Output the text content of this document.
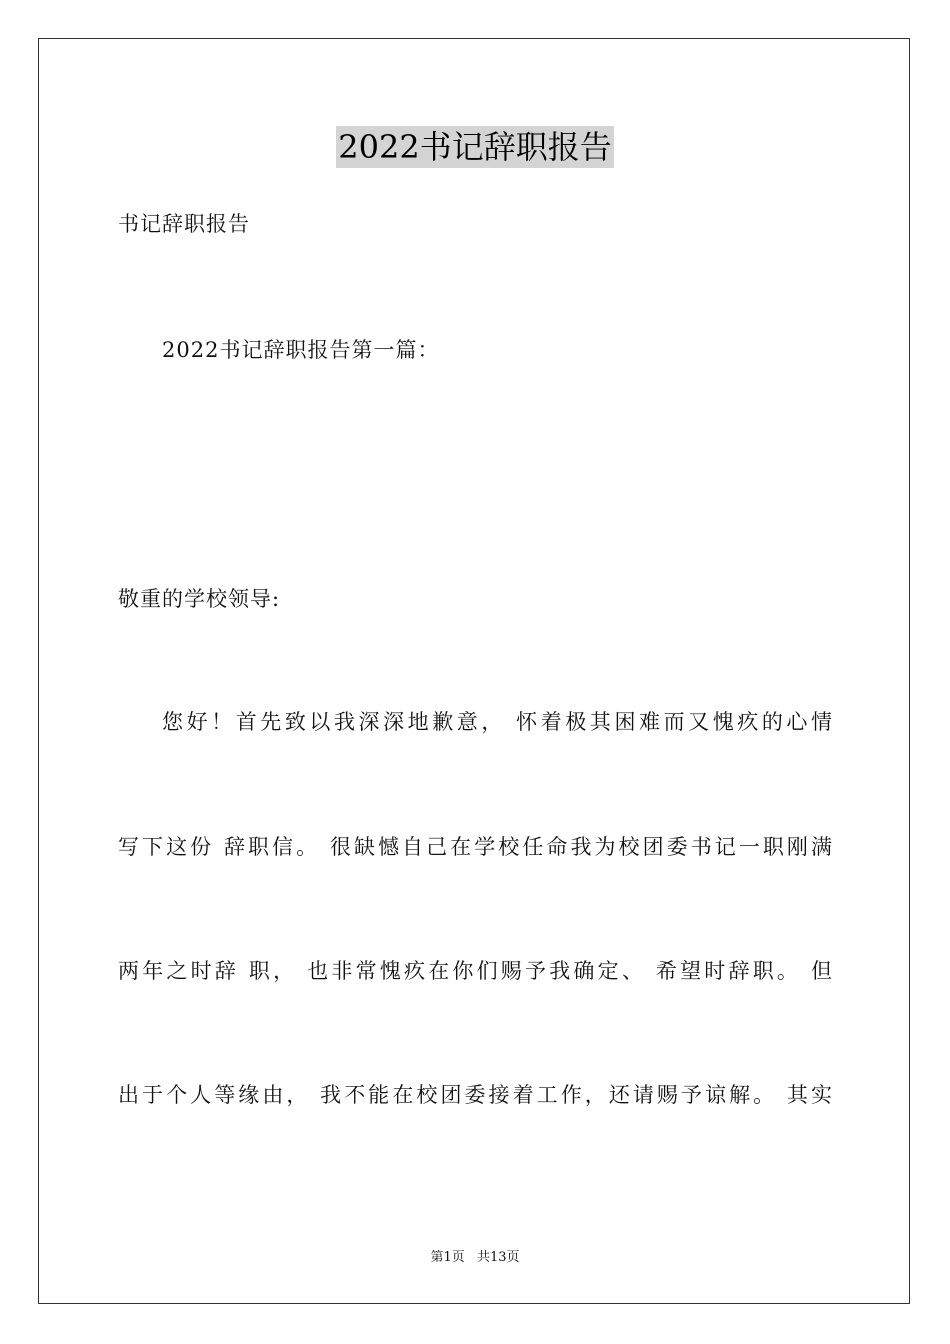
2022书记辞职报告
书记辞职报告
2022书记辞职报告第一篇：
敬重的学校领导:
您好！首先致以我深深地歉意， 怀着极其困难而又愧疚的心情
写下这份 辞职信。 很缺憾自己在学校任命我为校团委书记一职刚满
两年之时辞 职， 也非常愧疚在你们赐予我确定、 希望时辞职。 但
出于个人等缘由， 我不能在校团委接着工作，还请赐予谅解。 其实
第1页 共13页
